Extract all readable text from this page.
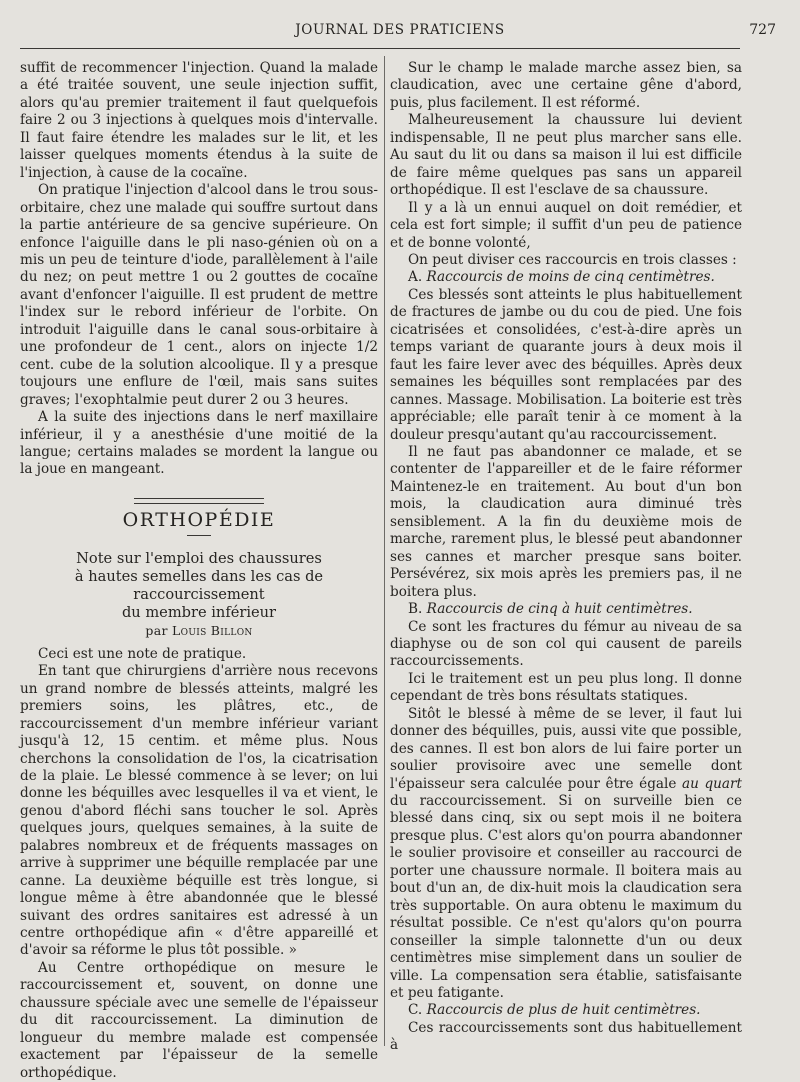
JOURNAL DES PRATICIENS	727

suffit de recommencer l'injection. Quand la malade a été traitée souvent, une seule injection suffit, alors qu'au premier traitement il faut quelquefois faire 2 ou 3 injections à quelques mois d'intervalle. Il faut faire étendre les malades sur le lit, et les laisser quelques moments étendus à la suite de l'injection, à cause de la cocaïne.

On pratique l'injection d'alcool dans le trou sous-orbitaire, chez une malade qui souffre surtout dans la partie antérieure de sa gencive supérieure. On enfonce l'aiguille dans le pli naso-génien où on a mis un peu de teinture d'iode, parallèlement à l'aile du nez; on peut mettre 1 ou 2 gouttes de cocaïne avant d'enfoncer l'aiguille. Il est prudent de mettre l'index sur le rebord inférieur de l'orbite. On introduit l'aiguille dans le canal sous-orbitaire à une profondeur de 1 cent., alors on injecte 1/2 cent. cube de la solution alcoolique. Il y a presque toujours une enflure de l'œil, mais sans suites graves; l'exophtalmie peut durer 2 ou 3 heures.

A la suite des injections dans le nerf maxillaire inférieur, il y a anesthésie d'une moitié de la langue; certains malades se mordent la langue ou la joue en mangeant.

ORTHOPÉDIE
Note sur l'emploi des chaussures
à hautes semelles dans les cas de raccourcissement
du membre inférieur
par Louis Billon

Ceci est une note de pratique.

En tant que chirurgiens d'arrière nous recevons un grand nombre de blessés atteints, malgré les premiers soins, les plâtres, etc., de raccourcissement d'un membre inférieur variant jusqu'à 12, 15 centim. et même plus. Nous cherchons la consolidation de l'os, la cicatrisation de la plaie. Le blessé commence à se lever; on lui donne les béquilles avec lesquelles il va et vient, le genou d'abord fléchi sans toucher le sol. Après quelques jours, quelques semaines, à la suite de palabres nombreux et de fréquents massages on arrive à supprimer une béquille remplacée par une canne. La deuxième béquille est très longue, si longue même à être abandonnée que le blessé suivant des ordres sanitaires est adressé à un centre orthopédique afin « d'être appareillé et d'avoir sa réforme le plus tôt possible. »

Au Centre orthopédique on mesure le raccourcissement et, souvent, on donne une chaussure spéciale avec une semelle de l'épaisseur du dit raccourcissement. La diminution de longueur du membre malade est compensée exactement par l'épaisseur de la semelle orthopédique.

Sur le champ le malade marche assez bien, sa claudication, avec une certaine gêne d'abord, puis, plus facilement. Il est réformé.

Malheureusement la chaussure lui devient indispensable, Il ne peut plus marcher sans elle. Au saut du lit ou dans sa maison il lui est difficile de faire même quelques pas sans un appareil orthopédique. Il est l'esclave de sa chaussure.

Il y a là un ennui auquel on doit remédier, et cela est fort simple; il suffit d'un peu de patience et de bonne volonté,

On peut diviser ces raccourcis en trois classes :

A. Raccourcis de moins de cinq centimètres.

Ces blessés sont atteints le plus habituellement de fractures de jambe ou du cou de pied. Une fois cicatrisées et consolidées, c'est-à-dire après un temps variant de quarante jours à deux mois il faut les faire lever avec des béquilles. Après deux semaines les béquilles sont remplacées par des cannes. Massage. Mobilisation. La boiterie est très appréciable; elle paraît tenir à ce moment à la douleur presqu'autant qu'au raccourcissement.

Il ne faut pas abandonner ce malade, et se contenter de l'appareiller et de le faire réformer Maintenez-le en traitement. Au bout d'un bon mois, la claudication aura diminué très sensiblement. A la fin du deuxième mois de marche, rarement plus, le blessé peut abandonner ses cannes et marcher presque sans boiter. Persévérez, six mois après les premiers pas, il ne boitera plus.

B. Raccourcis de cinq à huit centimètres.

Ce sont les fractures du fémur au niveau de sa diaphyse ou de son col qui causent de pareils raccourcissements.

Ici le traitement est un peu plus long. Il donne cependant de très bons résultats statiques.

Sitôt le blessé à même de se lever, il faut lui donner des béquilles, puis, aussi vite que possible, des cannes. Il est bon alors de lui faire porter un soulier provisoire avec une semelle dont l'épaisseur sera calculée pour être égale au quart du raccourcissement. Si on surveille bien ce blessé dans cinq, six ou sept mois il ne boitera presque plus. C'est alors qu'on pourra abandonner le soulier provisoire et conseiller au raccourci de porter une chaussure normale. Il boitera mais au bout d'un an, de dix-huit mois la claudication sera très supportable. On aura obtenu le maximum du résultat possible. Ce n'est qu'alors qu'on pourra conseiller la simple talonnette d'un ou deux centimètres mise simplement dans un soulier de ville. La compensation sera établie, satisfaisante et peu fatigante.

C. Raccourcis de plus de huit centimètres.

Ces raccourcissements sont dus habituellement à
